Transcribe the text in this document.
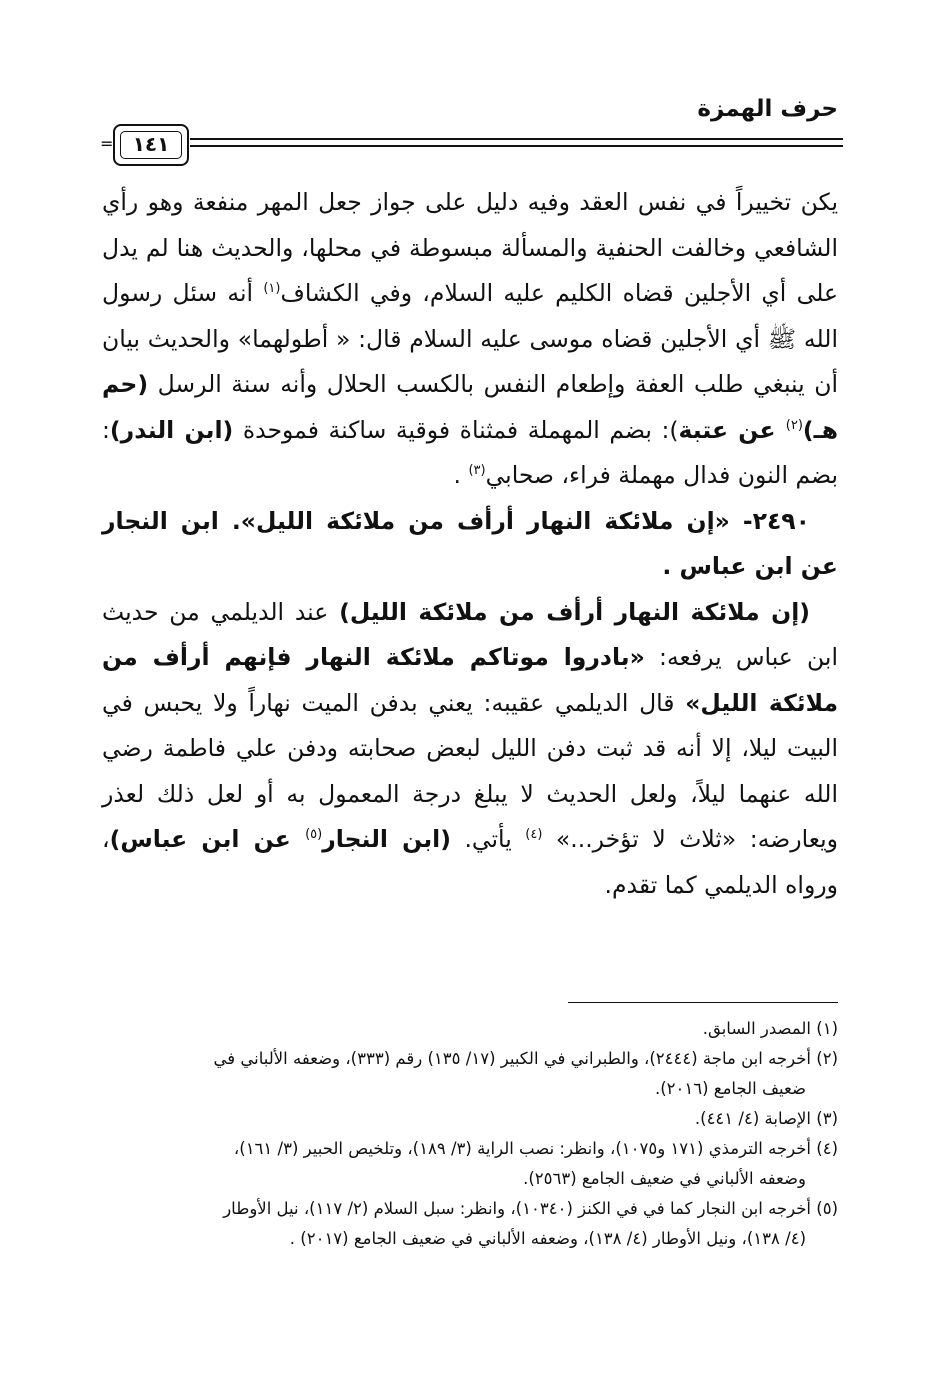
حرف الهمزة
= ١٤١

يكن تخييراً في نفس العقد وفيه دليل على جواز جعل المهر منفعة وهو رأي الشافعي وخالفت الحنفية والمسألة مبسوطة في محلها، والحديث هنا لم يدل على أي الأجلين قضاه الكليم عليه السلام، وفي الكشاف$^{(١)}$ أنه سئل رسول الله ﷺ أي الأجلين قضاه موسى عليه السلام قال: « أطولهما» والحديث بيان أن ينبغي طلب العفة وإطعام النفس بالكسب الحلال وأنه سنة الرسل (حم هـ)$^{(٢)}$ عن عتبة): بضم المهملة فمثناة فوقية ساكنة فموحدة (ابن الندر): بضم النون فدال مهملة فراء، صحابي$^{(٣)}$ .

٢٤٩٠- «إن ملائكة النهار أرأف من ملائكة الليل». ابن النجار عن ابن عباس .

(إن ملائكة النهار أرأف من ملائكة الليل) عند الديلمي من حديث ابن عباس يرفعه: «بادروا موتاكم ملائكة النهار فإنهم أرأف من ملائكة الليل» قال الديلمي عقيبه: يعني بدفن الميت نهاراً ولا يحبس في البيت ليلا، إلا أنه قد ثبت دفن الليل لبعض صحابته ودفن علي فاطمة رضي الله عنهما ليلاً، ولعل الحديث لا يبلغ درجة المعمول به أو لعل ذلك لعذر ويعارضه: «ثلاث لا تؤخر...» $^{(٤)}$ يأتي. (ابن النجار$^{(٥)}$ عن ابن عباس)، ورواه الديلمي كما تقدم.

(١) المصدر السابق.

(٢) أخرجه ابن ماجة (٢٤٤٤)، والطبراني في الكبير (١٧/ ١٣٥) رقم (٣٣٣)، وضعفه الألباني في

ضعيف الجامع (٢٠١٦).

(٣) الإصابة (٤/ ٤٤١).

(٤) أخرجه الترمذي (١٧١ و١٠٧٥)، وانظر: نصب الراية (٣/ ١٨٩)، وتلخيص الحبير (٣/ ١٦١)،

وضعفه الألباني في ضعيف الجامع (٢٥٦٣).

(٥) أخرجه ابن النجار كما في في الكنز (١٠٣٤٠)، وانظر: سبل السلام (٢/ ١١٧)، نيل الأوطار

(٤/ ١٣٨)، ونيل الأوطار (٤/ ١٣٨)، وضعفه الألباني في ضعيف الجامع (٢٠١٧) .
